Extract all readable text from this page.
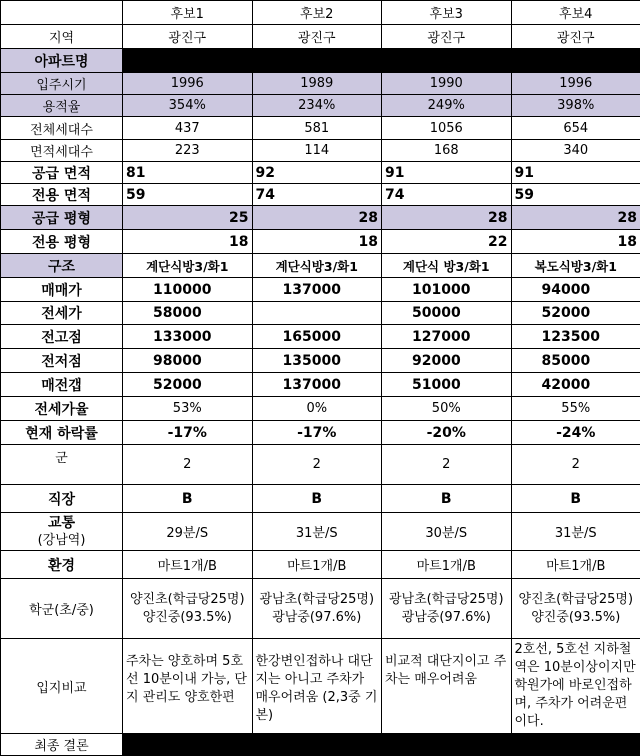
	후보1	후보2	후보3	후보4
지역	광진구	광진구	광진구	광진구
아파트명				
입주시기	1996	1989	1990	1996
용적율	354%	234%	249%	398%
전체세대수	437	581	1056	654
면적세대수	223	114	168	340
공급 면적	81	92	91	91
전용 면적	59	74	74	59
공급 평형	25	28	28	28
전용 평형	18	18	22	18
구조	계단식방3/화1	계단식방3/화1	계단식 방3/화1	복도식방3/화1
매매가	110000	137000	101000	94000
전세가	58000		50000	52000
전고점	133000	165000	127000	123500
전저점	98000	135000	92000	85000
매전갭	52000	137000	51000	42000
전세가율	53%	0%	50%	55%
현재 하락률	-17%	-17%	-20%	-24%
군	2	2	2	2
직장	B	B	B	B

교통
(강남역)	29분/S	31분/S	30분/S	31분/S
환경	마트1개/B	마트1개/B	마트1개/B	마트1개/B
학군(초/중)	양진초(학급당25명) 양진중(93.5%)	광남초(학급당25명) 광남중(97.6%)	광남초(학급당25명) 광남중(97.6%)	양진초(학급당25명) 양진중(93.5%)
입지비교	주차는 양호하며 5호선 10분이내 가능, 단지 관리도 양호한편	한강변인접하나 대단지는 아니고 주차가 매우어려움 (2,3중 기본)	비교적 대단지이고 주차는 매우어려움	2호선, 5호선 지하철역은 10분이상이지만 학원가에 바로인접하며, 주차가 어려운편이다.
최종 결론				
